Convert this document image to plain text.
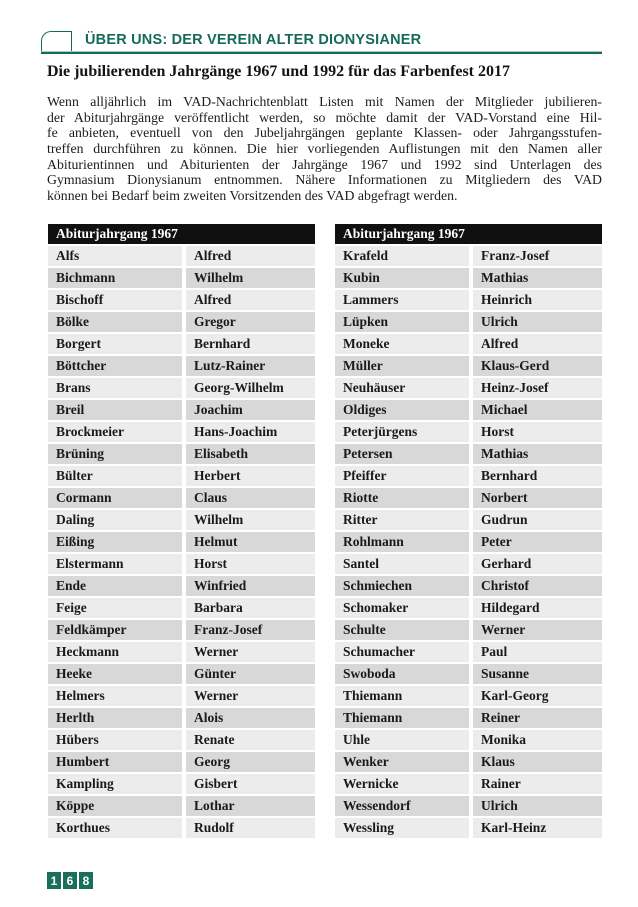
ÜBER UNS: DER VEREIN ALTER DIONYSIANER
Die jubilierenden Jahrgänge 1967 und 1992 für das Farbenfest 2017
Wenn alljährlich im VAD-Nachrichtenblatt Listen mit Namen der Mitglieder jubilieren-
der Abiturjahrgänge veröffentlicht werden, so möchte damit der VAD-Vorstand eine Hil-
fe anbieten, eventuell von den Jubeljahrgängen geplante Klassen- oder Jahrgangsstufen-
treffen durchführen zu können. Die hier vorliegenden Auflistungen mit den Namen aller
Abiturientinnen und Abiturienten der Jahrgänge 1967 und 1992 sind Unterlagen des
Gymnasium Dionysianum entnommen. Nähere Informationen zu Mitgliedern des VAD
können bei Bedarf beim zweiten Vorsitzenden des VAD abgefragt werden.
Abiturjahrgang 1967
Alfs	Alfred
Bichmann	Wilhelm
Bischoff	Alfred
Bölke	Gregor
Borgert	Bernhard
Böttcher	Lutz-Rainer
Brans	Georg-Wilhelm
Breil	Joachim
Brockmeier	Hans-Joachim
Brüning	Elisabeth
Bülter	Herbert
Cormann	Claus
Daling	Wilhelm
Eißing	Helmut
Elstermann	Horst
Ende	Winfried
Feige	Barbara
Feldkämper	Franz-Josef
Heckmann	Werner
Heeke	Günter
Helmers	Werner
Herlth	Alois
Hübers	Renate
Humbert	Georg
Kampling	Gisbert
Köppe	Lothar
Korthues	Rudolf
Abiturjahrgang 1967
Krafeld	Franz-Josef
Kubin	Mathias
Lammers	Heinrich
Lüpken	Ulrich
Moneke	Alfred
Müller	Klaus-Gerd
Neuhäuser	Heinz-Josef
Oldiges	Michael
Peterjürgens	Horst
Petersen	Mathias
Pfeiffer	Bernhard
Riotte	Norbert
Ritter	Gudrun
Rohlmann	Peter
Santel	Gerhard
Schmiechen	Christof
Schomaker	Hildegard
Schulte	Werner
Schumacher	Paul
Swoboda	Susanne
Thiemann	Karl-Georg
Thiemann	Reiner
Uhle	Monika
Wenker	Klaus
Wernicke	Rainer
Wessendorf	Ulrich
Wessling	Karl-Heinz
1 6 8
